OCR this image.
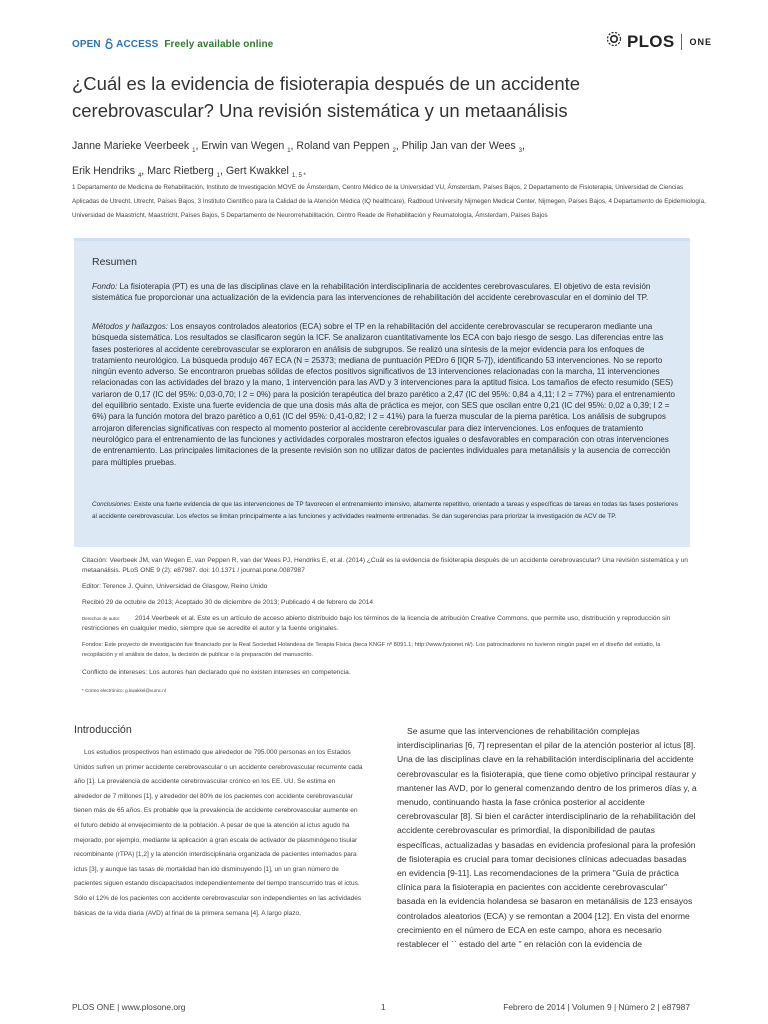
OPEN ACCESS Freely available online	PLOS ONE
¿Cuál es la evidencia de fisioterapia después de un accidente cerebrovascular? Una revisión sistemática y un metaanálisis
Janne Marieke Veerbeek $_1$, Erwin van Wegen $_1$, Roland van Peppen $_2$, Philip Jan van der Wees $_3$,
Erik Hendriks $_4$, Marc Rietberg $_1$, Gert Kwakkel $_{1, 5 *}$
1 Departamento de Medicina de Rehabilitación, Instituto de Investigación MOVE de Ámsterdam, Centro Médico de la Universidad VU, Ámsterdam, Países Bajos, 2 Departamento de Fisioterapia, Universidad de Ciencias Aplicadas de Utrecht, Utrecht, Países Bajos, 3 Instituto Científico para la Calidad de la Atención Médica (IQ healthcare), Radboud University Nijmegen Medical Center, Nijmegen, Países Bajos, 4 Departamento de Epidemiología, Universidad de Maastricht, Maastricht, Países Bajos, 5 Departamento de Neurorrehabilitación, Centro Reade de Rehabilitación y Reumatología, Ámsterdam, Países Bajos
Resumen
Fondo: La fisioterapia (PT) es una de las disciplinas clave en la rehabilitación interdisciplinaria de accidentes cerebrovasculares. El objetivo de esta revisión sistemática fue proporcionar una actualización de la evidencia para las intervenciones de rehabilitación del accidente cerebrovascular en el dominio del TP.
Métodos y hallazgos: Los ensayos controlados aleatorios (ECA) sobre el TP en la rehabilitación del accidente cerebrovascular se recuperaron mediante una búsqueda sistemática. Los resultados se clasificaron según la ICF. Se analizaron cuantitativamente los ECA con bajo riesgo de sesgo. Las diferencias entre las fases posteriores al accidente cerebrovascular se exploraron en análisis de subgrupos. Se realizó una síntesis de la mejor evidencia para los enfoques de tratamiento neurológico. La búsqueda produjo 467 ECA (N = 25373; mediana de puntuación PEDro 6 [IQR 5-7]), identificando 53 intervenciones. No se reporto ningún evento adverso. Se encontraron pruebas sólidas de efectos positivos significativos de 13 intervenciones relacionadas con la marcha, 11 intervenciones relacionadas con las actividades del brazo y la mano, 1 intervención para las AVD y 3 intervenciones para la aptitud física. Los tamaños de efecto resumido (SES) variaron de 0,17 (IC del 95%: 0,03-0,70; I 2 = 0%) para la posición terapéutica del brazo parético a 2,47 (IC del 95%: 0,84 a 4,11; I 2 = 77%) para el entrenamiento del equilibrio sentado. Existe una fuerte evidencia de que una dosis más alta de práctica es mejor, con SES que oscilan entre 0,21 (IC del 95%: 0,02 a 0,39; I 2 = 6%) para la función motora del brazo parético a 0,61 (IC del 95%: 0,41-0,82; I 2 = 41%) para la fuerza muscular de la pierna parética. Los análisis de subgrupos arrojaron diferencias significativas con respecto al momento posterior al accidente cerebrovascular para diez intervenciones. Los enfoques de tratamiento neurológico para el entrenamiento de las funciones y actividades corporales mostraron efectos iguales o desfavorables en comparación con otras intervenciones de entrenamiento. Las principales limitaciones de la presente revisión son no utilizar datos de pacientes individuales para metanálisis y la ausencia de corrección para múltiples pruebas.
Conclusiones: Existe una fuerte evidencia de que las intervenciones de TP favorecen el entrenamiento intensivo, altamente repetitivo, orientado a tareas y específicas de tareas en todas las fases posteriores al accidente cerebrovascular. Los efectos se limitan principalmente a las funciones y actividades realmente entrenadas. Se dan sugerencias para priorizar la investigación de ACV de TP.
Citación: Veerbeek JM, van Wegen E, van Peppen R, van der Wees PJ, Hendriks E, et al. (2014) ¿Cuál es la evidencia de fisioterapia después de un accidente cerebrovascular? Una revisión sistemática y un metaanálisis. PLoS ONE 9 (2): e87987. doi: 10.1371 / journal.pone.0087987
Editor: Terence J. Quinn, Universidad de Glasgow, Reino Unido
Recibió 29 de octubre de 2013; Aceptado 30 de diciembre de 2013; Publicado 4 de febrero de 2014
Derechos de autor: 2014 Veerbeek et al. Este es un artículo de acceso abierto distribuido bajo los términos de la licencia de atribución Creative Commons, que permite uso, distribución y reproducción sin restricciones en cualquier medio, siempre que se acredite el autor y la fuente originales.
Fondos: Este proyecto de investigación fue financiado por la Real Sociedad Holandesa de Terapia Física (beca KNGF nº 8091.1; http://www.fysionet.nl/). Los patrocinadores no tuvieron ningún papel en el diseño del estudio, la recopilación y el análisis de datos, la decisión de publicar o la preparación del manuscrito.
Conflicto de intereses: Los autores han declarado que no existen intereses en competencia.
* Correo electrónico: g.kwakkel@vumc.nl
Introducción
Los estudios prospectivos han estimado que alrededor de 795.000 personas en los Estados Unidos sufren un primer accidente cerebrovascular o un accidente cerebrovascular recurrente cada año [1]. La prevalencia de accidente cerebrovascular crónico en los EE. UU. Se estima en alrededor de 7 millones [1], y alrededor del 80% de los pacientes con accidente cerebrovascular tienen más de 65 años. Es probable que la prevalencia de accidente cerebrovascular aumente en el futuro debido al envejecimiento de la población. A pesar de que la atención al ictus agudo ha mejorado, por ejemplo, mediante la aplicación a gran escala de activador de plasminógeno tisular recombinante (rTPA) [1,2] y la atención interdisciplinaria organizada de pacientes internados para ictus [3], y aunque las tasas de mortalidad han ido disminuyendo [1], un un gran número de pacientes siguen estando discapacitados independientemente del tiempo transcurrido tras el ictus. Sólo el 12% de los pacientes con accidente cerebrovascular son independientes en las actividades básicas de la vida diaria (AVD) al final de la primera semana [4]. A largo plazo,
Se asume que las intervenciones de rehabilitación complejas interdisciplinarias [6, 7] representan el pilar de la atención posterior al ictus [8]. Una de las disciplinas clave en la rehabilitación interdisciplinaria del accidente cerebrovascular es la fisioterapia, que tiene como objetivo principal restaurar y mantener las AVD, por lo general comenzando dentro de los primeros días y, a menudo, continuando hasta la fase crónica posterior al accidente cerebrovascular [8]. Si bien el carácter interdisciplinario de la rehabilitación del accidente cerebrovascular es primordial, la disponibilidad de pautas específicas, actualizadas y basadas en evidencia profesional para la profesión de fisioterapia es crucial para tomar decisiones clínicas adecuadas basadas en evidencia [9-11]. Las recomendaciones de la primera "Guía de práctica clínica para la fisioterapia en pacientes con accidente cerebrovascular" basada en la evidencia holandesa se basaron en metanálisis de 123 ensayos controlados aleatorios (ECA) y se remontan a 2004 [12]. En vista del enorme crecimiento en el número de ECA en este campo, ahora es necesario restablecer el `` estado del arte '' en relación con la evidencia de
PLOS ONE | www.plosone.org	1	Febrero de 2014 | Volumen 9 | Número 2 | e87987
